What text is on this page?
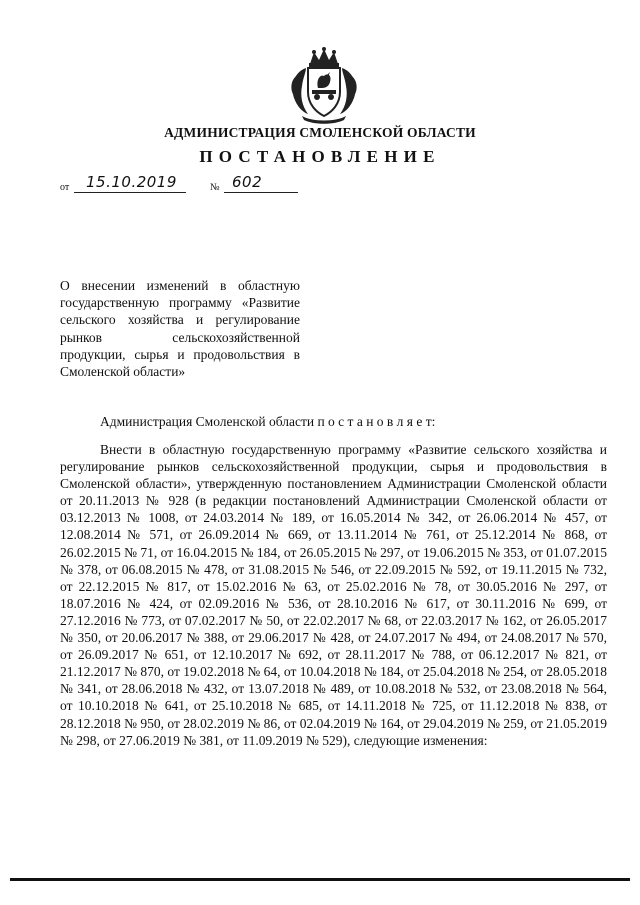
АДМИНИСТРАЦИЯ СМОЛЕНСКОЙ ОБЛАСТИ
ПОСТАНОВЛЕНИЕ
от 15.10.2019	№ 602
О внесении изменений в областную государственную программу «Развитие сельского хозяйства и регулирование рынков сельскохозяйственной продукции, сырья и продовольствия в Смоленской области»
Администрация Смоленской области п о с т а н о в л я е т:
Внести в областную государственную программу «Развитие сельского хозяйства и регулирование рынков сельскохозяйственной продукции, сырья и продовольствия в Смоленской области», утвержденную постановлением Администрации Смоленской области от 20.11.2013 № 928 (в редакции постановлений Администрации Смоленской области от 03.12.2013 № 1008, от 24.03.2014 № 189, от 16.05.2014 № 342, от 26.06.2014 № 457, от 12.08.2014 № 571, от 26.09.2014 № 669, от 13.11.2014 № 761, от 25.12.2014 № 868, от 26.02.2015 № 71, от 16.04.2015 № 184, от 26.05.2015 № 297, от 19.06.2015 № 353, от 01.07.2015 № 378, от 06.08.2015 № 478, от 31.08.2015 № 546, от 22.09.2015 № 592, от 19.11.2015 № 732, от 22.12.2015 № 817, от 15.02.2016 № 63, от 25.02.2016 № 78, от 30.05.2016 № 297, от 18.07.2016 № 424, от 02.09.2016 № 536, от 28.10.2016 № 617, от 30.11.2016 № 699, от 27.12.2016 № 773, от 07.02.2017 № 50, от 22.02.2017 № 68, от 22.03.2017 № 162, от 26.05.2017 № 350, от 20.06.2017 № 388, от 29.06.2017 № 428, от 24.07.2017 № 494, от 24.08.2017 № 570, от 26.09.2017 № 651, от 12.10.2017 № 692, от 28.11.2017 № 788, от 06.12.2017 № 821, от 21.12.2017 № 870, от 19.02.2018 № 64, от 10.04.2018 № 184, от 25.04.2018 № 254, от 28.05.2018 № 341, от 28.06.2018 № 432, от 13.07.2018 № 489, от 10.08.2018 № 532, от 23.08.2018 № 564, от 10.10.2018 № 641, от 25.10.2018 № 685, от 14.11.2018 № 725, от 11.12.2018 № 838, от 28.12.2018 № 950, от 28.02.2019 № 86, от 02.04.2019 № 164, от 29.04.2019 № 259, от 21.05.2019 № 298, от 27.06.2019 № 381, от 11.09.2019 № 529), следующие изменения:
